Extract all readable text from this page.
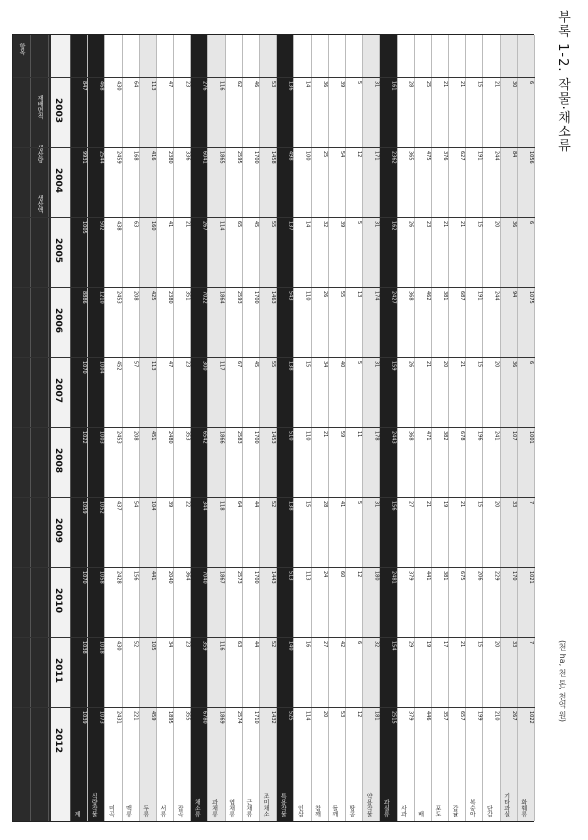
부록 1-2. 작물·채소류
(천 ha, 천 톤, 천억 원)
항목
재배면적
생산량
생산액
2003
2004
2005
2006
2007
2008
2009
2010
2011
2012
계
847
9931
1005
8886
1070
1022
1059
1070
1038
1039
식량작물
468
2544
502
1210
1004
1003
1052
1058
1018
1073
미곡
430
2459
438
2453
452
2453
437
2428
430
2431
맥류
64
168
63
208
57
208
54
156
52
221
두류
113
416
160
425
113
451
104
441
105
459
서류
47
2380
41
2380
47
2480
39
2040
34
1895
잡곡
23
336
21
351
23
353
22
364
23
355
채소류
276
6041
267
7022
300
6542
344
7040
359
6780
과채류
116
1865
114
1864
117
1866
118
1867
116
1869
엽채류
62
2595
65
2593
67
2583
64
2573
63
2574
근채류
46
1700
45
1700
45
1700
44
1700
44
1710
조미채소
53
1458
55
1463
55
1453
52
1443
52
1432
특용작물
136
498
137
543
138
510
138
513
140
525
인삼
14
100
14
110
15
110
15
113
16
114
참깨
36
25
32
26
34
21
28
24
27
20
들깨
39
54
39
55
40
59
41
60
42
53
땅콩
5
12
5
13
5
11
5
12
6
12
약용작물
31
171
31
174
31
178
31
180
32
181
과실류
161
2362
162
2427
159
2443
156
2481
154
2515
사과
28
365
26
368
26
368
27
379
29
379
배
25
475
23
462
21
471
21
441
19
446
포도
21
376
21
381
20
382
19
381
17
357
감귤
21
627
21
687
21
678
21
675
21
657
복숭아
15
191
15
191
15
196
15
206
15
199
단감
21
244
20
244
20
241
20
229
20
210
기타과실
30
84
36
94
36
107
33
170
33
267
화훼류
6
1056
6
1075
6
1001
7
1021
7
1022
